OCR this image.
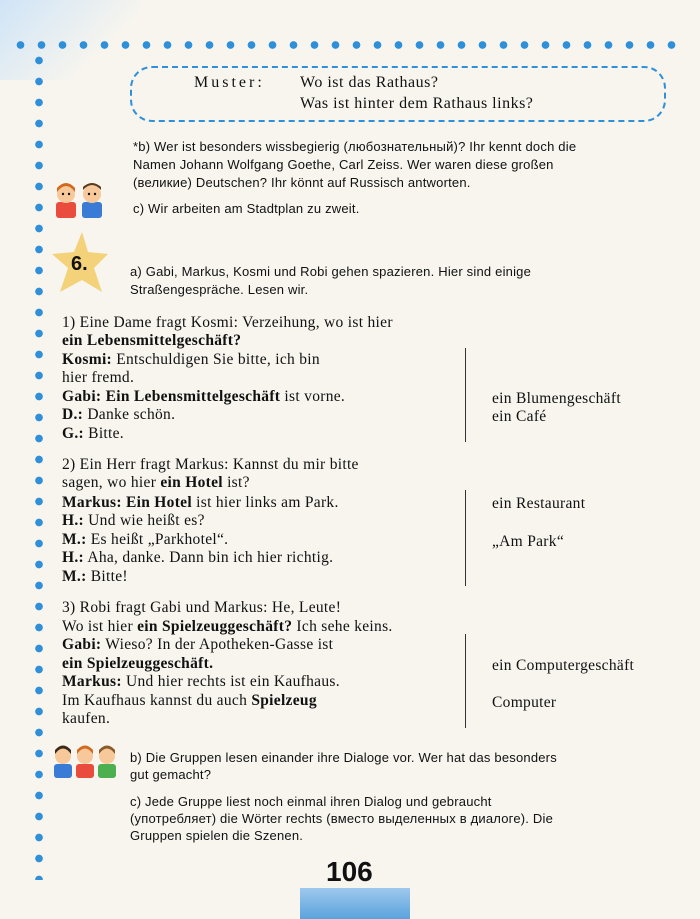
Muster: Wo ist das Rathaus?
Was ist hinter dem Rathaus links?
*b) Wer ist besonders wissbegierig (любознательный)? Ihr kennt doch die
Namen Johann Wolfgang Goethe, Carl Zeiss. Wer waren diese großen
(великие) Deutschen? Ihr könnt auf Russisch antworten.
c) Wir arbeiten am Stadtplan zu zweit.
6.	a) Gabi, Markus, Kosmi und Robi gehen spazieren. Hier sind einige
Straßengespräche. Lesen wir.
1) Eine Dame fragt Kosmi: Verzeihung, wo ist hier
ein Lebensmittelgeschäft?
Kosmi: Entschuldigen Sie bitte, ich bin
hier fremd.
Gabi: Ein Lebensmittelgeschäft ist vorne.
D.: Danke schön.
G.: Bitte.
ein Blumengeschäft
ein Café
2) Ein Herr fragt Markus: Kannst du mir bitte
sagen, wo hier ein Hotel ist?
Markus: Ein Hotel ist hier links am Park.
H.: Und wie heißt es?
M.: Es heißt „Parkhotel“.
H.: Aha, danke. Dann bin ich hier richtig.
M.: Bitte!
ein Restaurant
„Am Park“
3) Robi fragt Gabi und Markus: He, Leute!
Wo ist hier ein Spielzeuggeschäft? Ich sehe keins.
Gabi: Wieso? In der Apotheken-Gasse ist
ein Spielzeuggeschäft.
Markus: Und hier rechts ist ein Kaufhaus.
Im Kaufhaus kannst du auch Spielzeug
kaufen.
ein Computergeschäft
Computer
b) Die Gruppen lesen einander ihre Dialoge vor. Wer hat das besonders
gut gemacht?
c) Jede Gruppe liest noch einmal ihren Dialog und gebraucht
(употребляет) die Wörter rechts (вместо выделенных в диалоге). Die
Gruppen spielen die Szenen.
106
